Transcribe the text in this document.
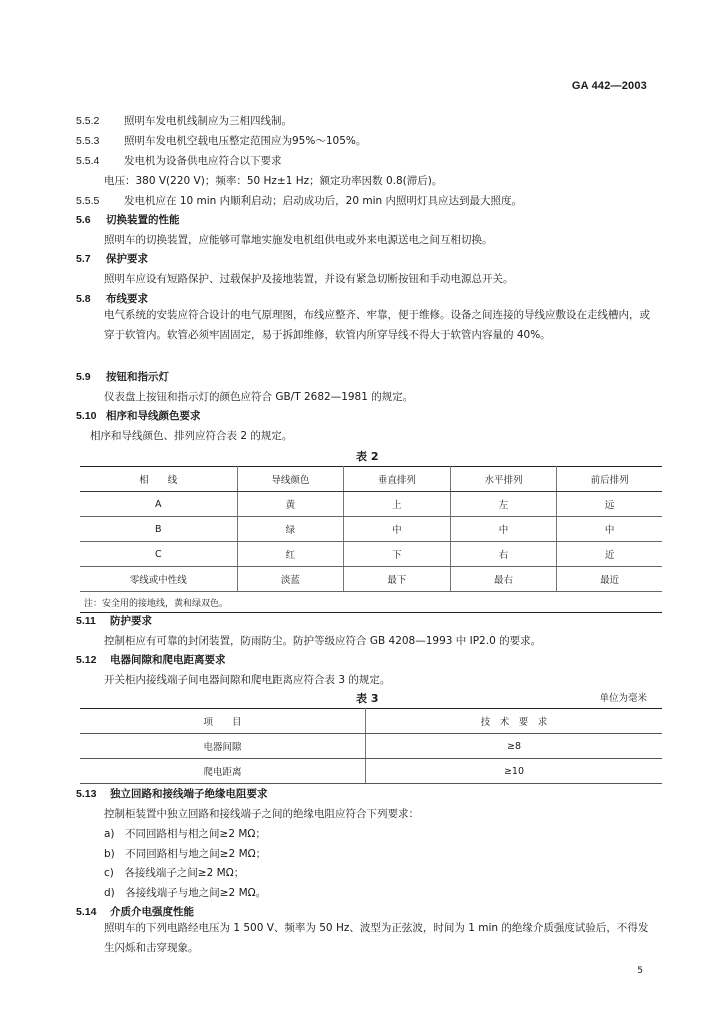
GA 442—2003
5.5.2 照明车发电机线制应为三相四线制。
5.5.3 照明车发电机空载电压整定范围应为95%～105%。
5.5.4 发电机为设备供电应符合以下要求
电压：380 V(220 V)；频率：50 Hz±1 Hz；额定功率因数 0.8(滞后)。
5.5.5 发电机应在 10 min 内顺利启动；启动成功后，20 min 内照明灯具应达到最大照度。
5.6 切换装置的性能
照明车的切换装置，应能够可靠地实施发电机组供电或外来电源送电之间互相切换。
5.7 保护要求
照明车应设有短路保护、过载保护及接地装置，并设有紧急切断按钮和手动电源总开关。
5.8 布线要求
电气系统的安装应符合设计的电气原理图，布线应整齐、牢靠，便于维修。设备之间连接的导线应敷设在走线槽内，或穿于软管内。软管必须牢固固定，易于拆卸维修，软管内所穿导线不得大于软管内容量的 40%。
5.9 按钮和指示灯
仪表盘上按钮和指示灯的颜色应符合 GB/T 2682—1981 的规定。
5.10 相序和导线颜色要求
相序和导线颜色、排列应符合表 2 的规定。
表 2
相　　线	导线颜色	垂直排列	水平排列	前后排列
A	黄	上	左	远
B	绿	中	中	中
C	红	下	右	近
零线或中性线	淡蓝	最下	最右	最近
注：安全用的接地线，黄和绿双色。				
5.11 防护要求
控制柜应有可靠的封闭装置，防雨防尘。防护等级应符合 GB 4208—1993 中 IP2.0 的要求。
5.12 电器间隙和爬电距离要求
开关柜内接线端子间电器间隙和爬电距离应符合表 3 的规定。
表 3	单位为毫米
项　　目	技　术　要　求
电器间隙	≥8
爬电距离	≥10
5.13 独立回路和接线端子绝缘电阻要求
控制柜装置中独立回路和接线端子之间的绝缘电阻应符合下列要求：
a)　不同回路相与相之间≥2 MΩ；
b)　不同回路相与地之间≥2 MΩ；
c)　各接线端子之间≥2 MΩ；
d)　各接线端子与地之间≥2 MΩ。
5.14 介质介电强度性能
照明车的下列电路经电压为 1 500 V、频率为 50 Hz、波型为正弦波，时间为 1 min 的绝缘介质强度试验后，不得发生闪烁和击穿现象。
5
